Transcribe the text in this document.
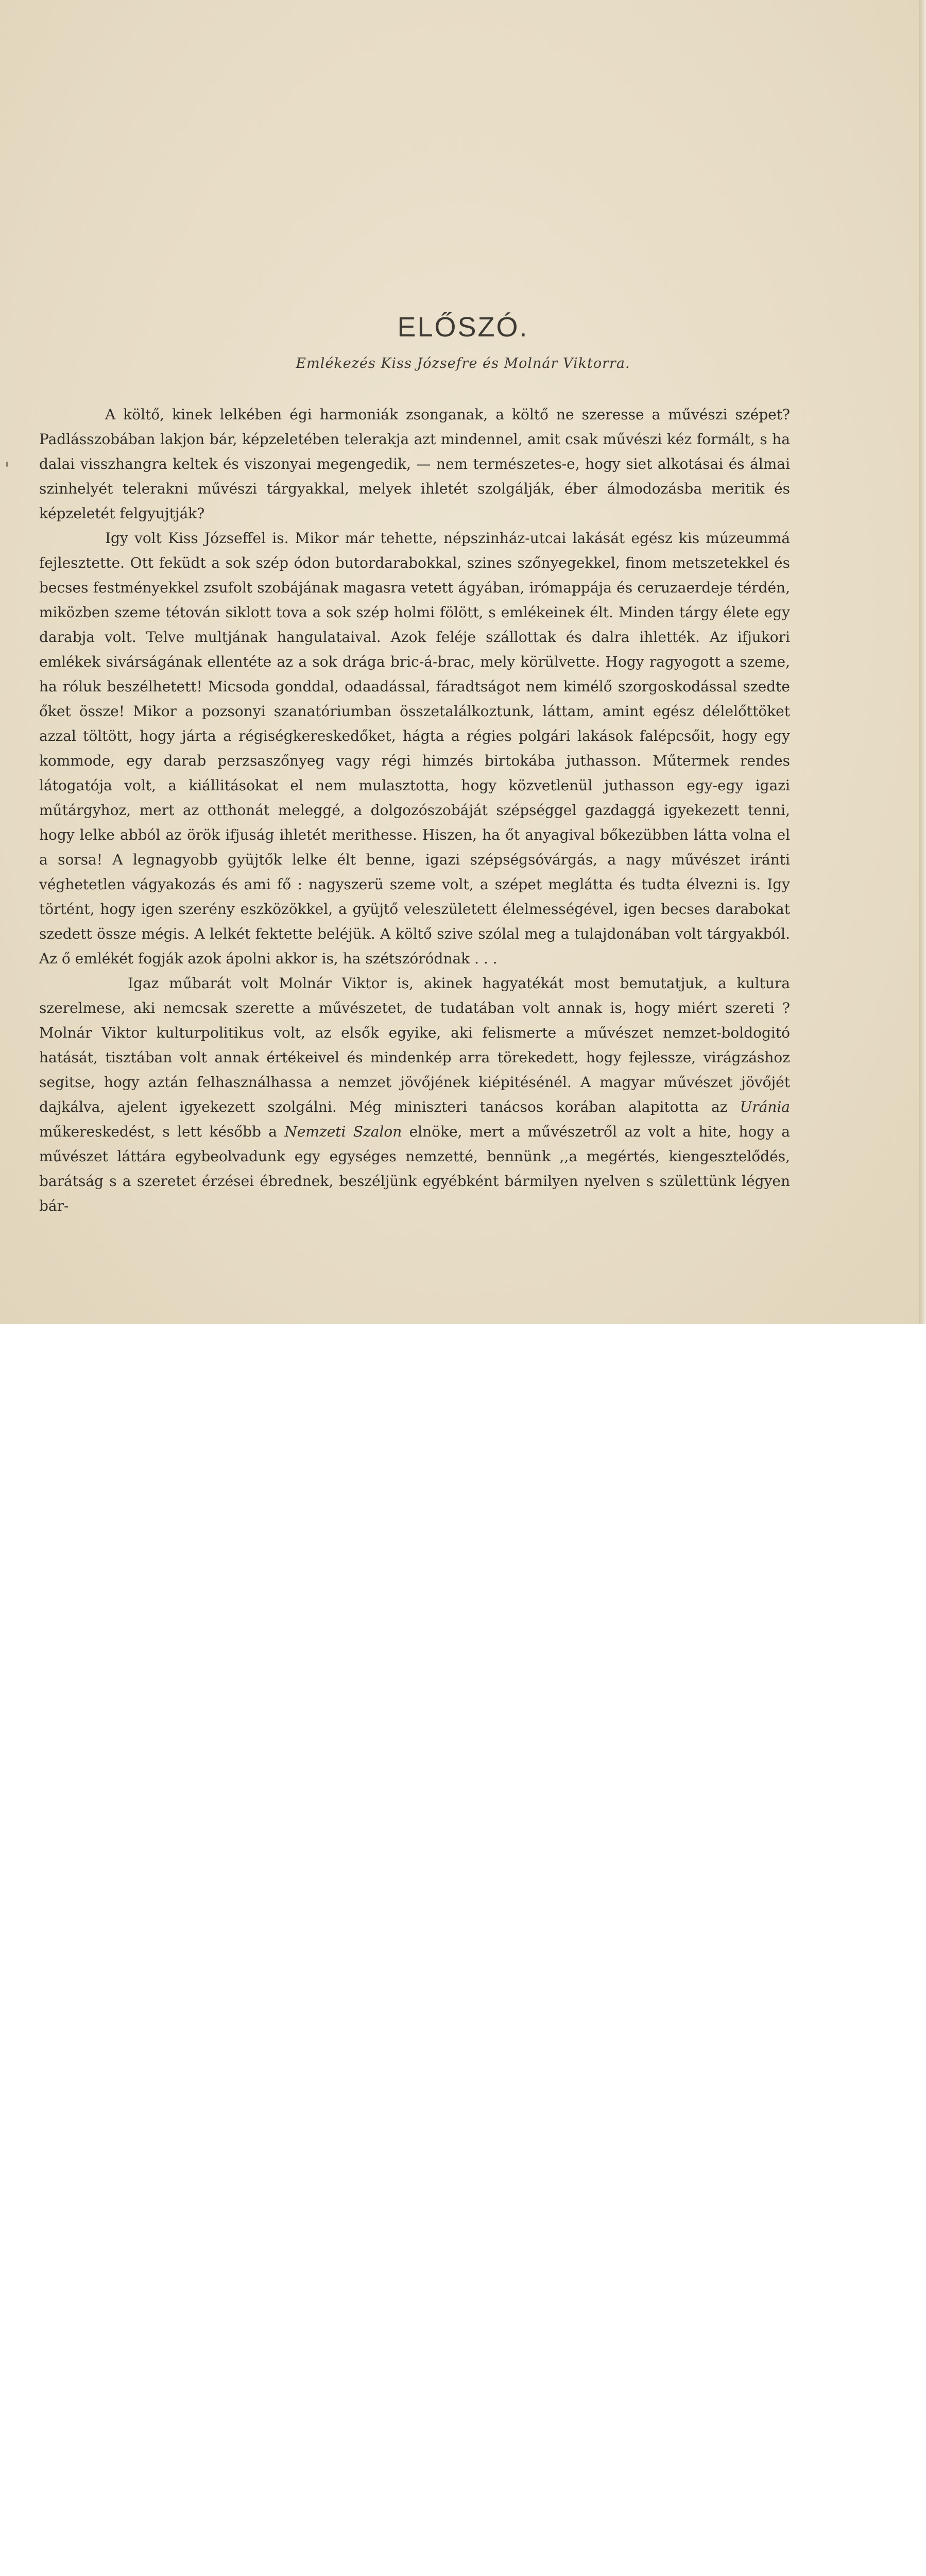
ELŐSZÓ.
Emlékezés Kiss Józsefre és Molnár Viktorra.

A költő, kinek lelkében égi harmoniák zsonganak, a költő ne szeresse a művészi szépet? Padlásszobában lakjon bár, képzeletében telerakja azt mindennel, amit csak művészi kéz formált, s ha dalai visszhangra keltek és viszonyai megengedik, — nem természetes-e, hogy siet alkotásai és álmai szinhelyét telerakni művészi tárgyakkal, melyek ihletét szolgálják, éber álmodozásba meritik és képzeletét felgyujtják?

Igy volt Kiss Józseffel is. Mikor már tehette, népszinház-utcai lakását egész kis múzeummá fejlesztette. Ott feküdt a sok szép ódon butordarabokkal, szines szőnyegekkel, finom metszetekkel és becses festményekkel zsufolt szobájának magasra vetett ágyában, irómappája és ceruzaerdeje térdén, miközben szeme tétován siklott tova a sok szép holmi fölött, s emlékeinek élt. Minden tárgy élete egy darabja volt. Telve multjának hangulataival. Azok feléje szállottak és dalra ihlették. Az ifjukori emlékek sivárságának ellentéte az a sok drága bric-á-brac, mely körülvette. Hogy ragyogott a szeme, ha róluk beszélhetett! Micsoda gonddal, odaadással, fáradtságot nem kimélő szorgoskodással szedte őket össze! Mikor a pozsonyi szanatóriumban összetalálkoztunk, láttam, amint egész délelőttöket azzal töltött, hogy járta a régiségkereskedőket, hágta a régies polgári lakások falépcsőit, hogy egy kommode, egy darab perzsaszőnyeg vagy régi himzés birtokába juthasson. Műtermek rendes látogatója volt, a kiállitásokat el nem mulasztotta, hogy közvetlenül juthasson egy-egy igazi műtárgyhoz, mert az otthonát meleggé, a dolgozószobáját szépséggel gazdaggá igyekezett tenni, hogy lelke abból az örök ifjuság ihletét merithesse. Hiszen, ha őt anyagival bőkezübben látta volna el a sorsa! A legnagyobb gyüjtők lelke élt benne, igazi szépségsóvárgás, a nagy művészet iránti véghetetlen vágyakozás és ami fő : nagyszerü szeme volt, a szépet meglátta és tudta élvezni is. Igy történt, hogy igen szerény eszközökkel, a gyüjtő veleszületett élelmességével, igen becses darabokat szedett össze mégis. A lelkét fektette beléjük. A költő szive szólal meg a tulajdonában volt tárgyakból. Az ő emlékét fogják azok ápolni akkor is, ha szétszóródnak . . .

Igaz műbarát volt Molnár Viktor is, akinek hagyatékát most bemutatjuk, a kultura szerelmese, aki nemcsak szerette a művészetet, de tudatában volt annak is, hogy miért szereti ? Molnár Viktor kulturpolitikus volt, az elsők egyike, aki felismerte a művészet nemzet-boldogitó hatását, tisztában volt annak értékeivel és mindenkép arra törekedett, hogy fejlessze, virágzáshoz segitse, hogy aztán felhasználhassa a nemzet jövőjének kiépitésénél. A magyar művészet jövőjét dajkálva, ajelent igyekezett szolgálni. Még miniszteri tanácsos korában alapitotta az Uránia műkereskedést, s lett később a Nemzeti Szalon elnöke, mert a művészetről az volt a hite, hogy a művészet láttára egybeolvadunk egy egységes nemzetté, bennünk ,,a megértés, kiengesztelődés, barátság s a szeretet érzései ébrednek, beszéljünk egyébként bármilyen nyelven s születtünk légyen bár-
